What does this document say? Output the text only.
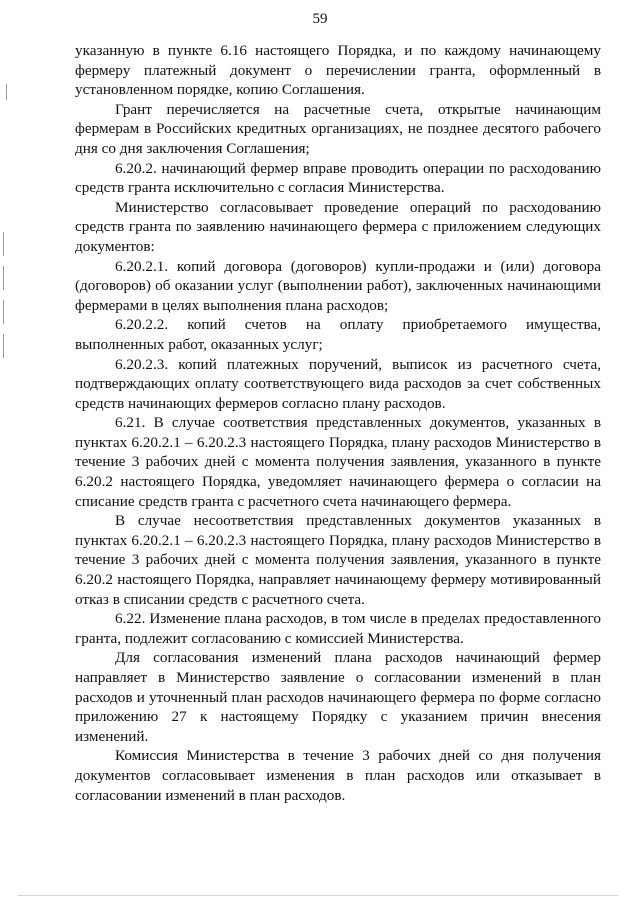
59

указанную в пункте 6.16 настоящего Порядка, и по каждому начинающему фермеру платежный документ о перечислении гранта, оформленный в установленном порядке, копию Соглашения.

Грант перечисляется на расчетные счета, открытые начинающим фермерам в Российских кредитных организациях, не позднее десятого рабочего дня со дня заключения Соглашения;

6.20.2. начинающий фермер вправе проводить операции по расходованию средств гранта исключительно с согласия Министерства.

Министерство согласовывает проведение операций по расходованию средств гранта по заявлению начинающего фермера с приложением следующих документов:

6.20.2.1. копий договора (договоров) купли-продажи и (или) договора (договоров) об оказании услуг (выполнении работ), заключенных начинающими фермерами в целях выполнения плана расходов;

6.20.2.2. копий счетов на оплату приобретаемого имущества, выполненных работ, оказанных услуг;

6.20.2.3. копий платежных поручений, выписок из расчетного счета, подтверждающих оплату соответствующего вида расходов за счет собственных средств начинающих фермеров согласно плану расходов.

6.21. В случае соответствия представленных документов, указанных в пунктах 6.20.2.1 – 6.20.2.3 настоящего Порядка, плану расходов Министерство в течение 3 рабочих дней с момента получения заявления, указанного в пункте 6.20.2 настоящего Порядка, уведомляет начинающего фермера о согласии на списание средств гранта с расчетного счета начинающего фермера.

В случае несоответствия представленных документов указанных в пунктах 6.20.2.1 – 6.20.2.3 настоящего Порядка, плану расходов Министерство в течение 3 рабочих дней с момента получения заявления, указанного в пункте 6.20.2 настоящего Порядка, направляет начинающему фермеру мотивированный отказ в списании средств с расчетного счета.

6.22. Изменение плана расходов, в том числе в пределах предоставленного гранта, подлежит согласованию с комиссией Министерства.

Для согласования изменений плана расходов начинающий фермер направляет в Министерство заявление о согласовании изменений в план расходов и уточненный план расходов начинающего фермера по форме согласно приложению 27 к настоящему Порядку с указанием причин внесения изменений.

Комиссия Министерства в течение 3 рабочих дней со дня получения документов согласовывает изменения в план расходов или отказывает в согласовании изменений в план расходов.
